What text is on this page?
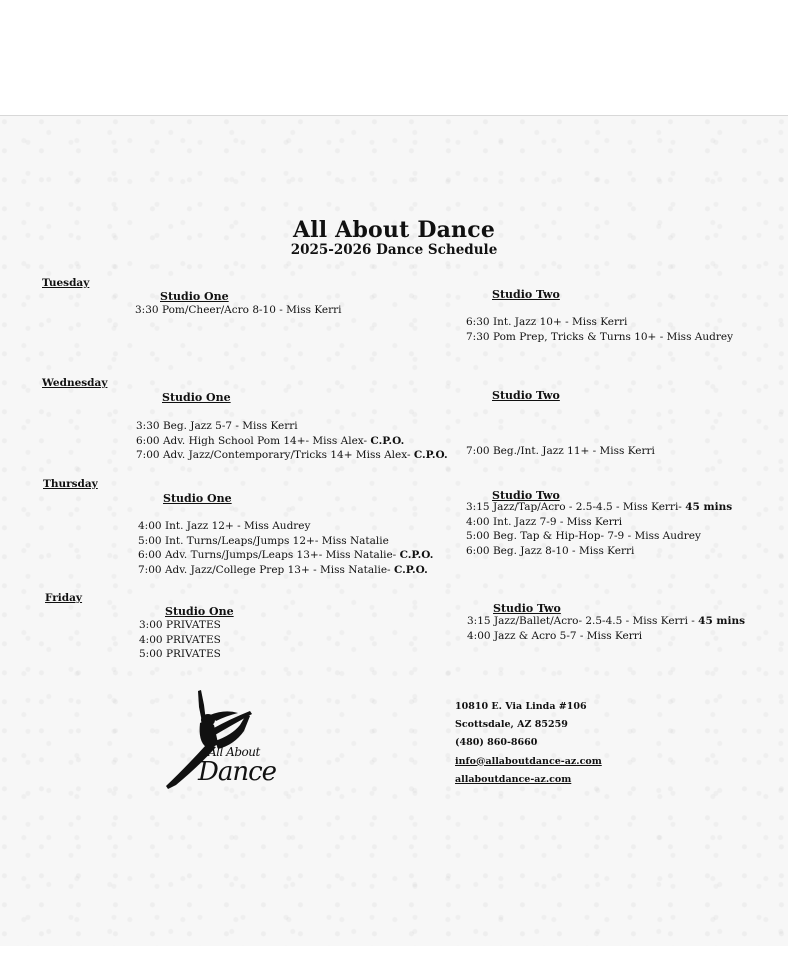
All About Dance
2025-2026 Dance Schedule
Tuesday
Studio One
3:30 Pom/Cheer/Acro 8-10 - Miss Kerri
Studio Two
6:30 Int. Jazz 10+ - Miss Kerri
7:30 Pom Prep, Tricks & Turns 10+ - Miss Audrey
Wednesday
Studio One
3:30 Beg. Jazz 5-7 - Miss Kerri
6:00 Adv. High School Pom 14+- Miss Alex- C.P.O.
7:00 Adv. Jazz/Contemporary/Tricks 14+ Miss Alex- C.P.O.
Studio Two
7:00 Beg./Int. Jazz 11+ - Miss Kerri
Thursday
Studio One
4:00 Int. Jazz 12+ - Miss Audrey
5:00 Int. Turns/Leaps/Jumps 12+- Miss Natalie
6:00 Adv. Turns/Jumps/Leaps 13+- Miss Natalie- C.P.O.
7:00 Adv. Jazz/College Prep 13+ - Miss Natalie- C.P.O.
Studio Two
3:15 Jazz/Tap/Acro - 2.5-4.5 - Miss Kerri- 45 mins
4:00 Int. Jazz 7-9 - Miss Kerri
5:00 Beg. Tap & Hip-Hop- 7-9 - Miss Audrey
6:00 Beg. Jazz 8-10 - Miss Kerri
Friday
Studio One
3:00 PRIVATES
4:00 PRIVATES
5:00 PRIVATES
Studio Two
3:15 Jazz/Ballet/Acro- 2.5-4.5 - Miss Kerri - 45 mins
4:00 Jazz & Acro 5-7 - Miss Kerri
All About
Dance
10810 E. Via Linda #106
Scottsdale, AZ 85259
(480) 860-8660
info@allaboutdance-az.com
allaboutdance-az.com
